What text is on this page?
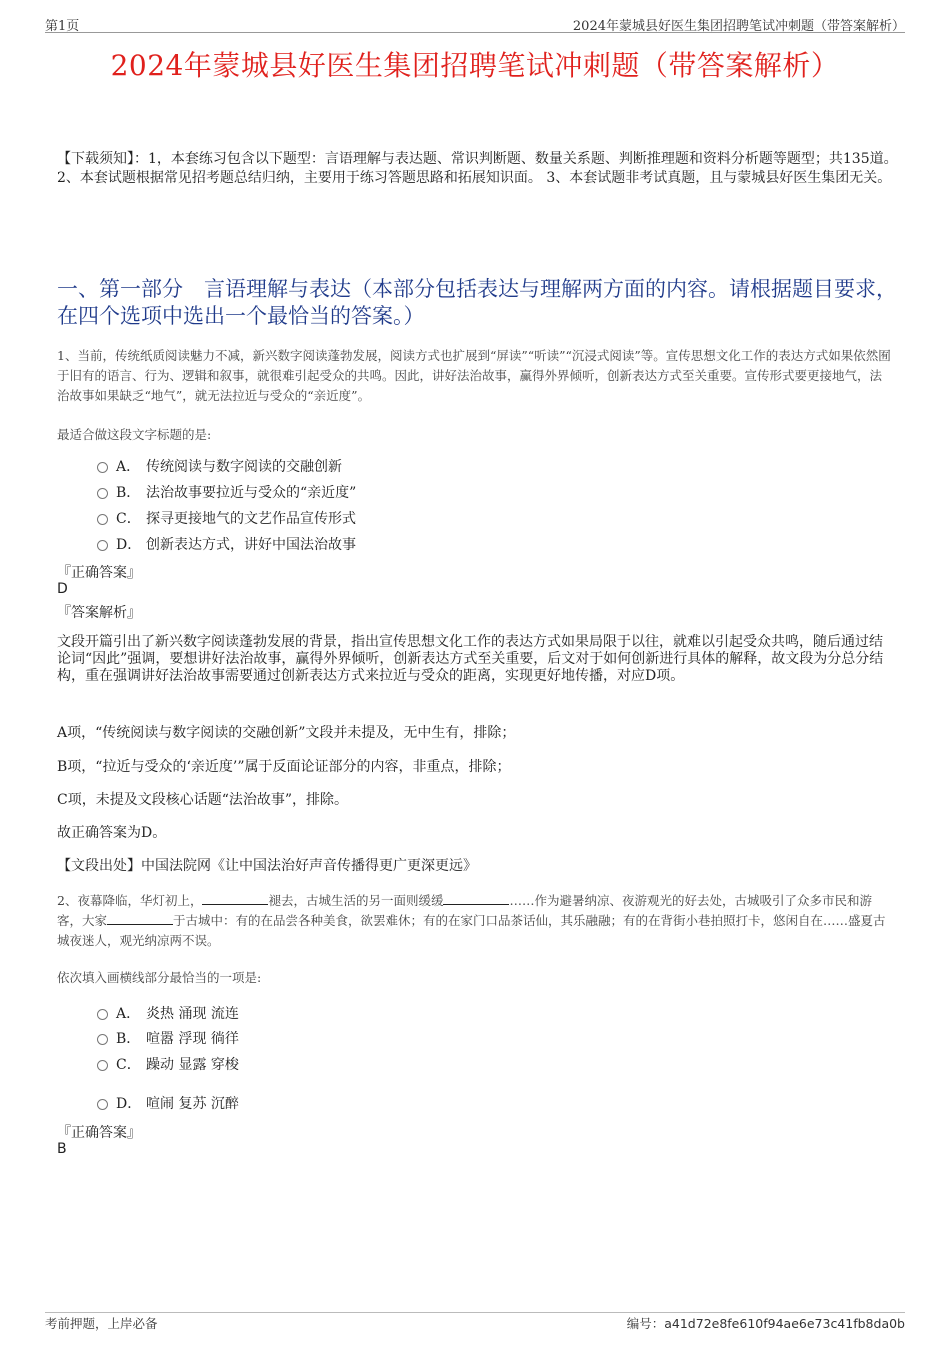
第1页	2024年蒙城县好医生集团招聘笔试冲刺题（带答案解析）
2024年蒙城县好医生集团招聘笔试冲刺题（带答案解析）
【下载须知】：1，本套练习包含以下题型：言语理解与表达题、常识判断题、数量关系题、判断推理题和资料分析题等题型；共135道。 2、本套试题根据常见招考题总结归纳，主要用于练习答题思路和拓展知识面。 3、本套试题非考试真题，且与蒙城县好医生集团无关。
一、第一部分　言语理解与表达（本部分包括表达与理解两方面的内容。请根据题目要求，在四个选项中选出一个最恰当的答案。）
1、当前，传统纸质阅读魅力不减，新兴数字阅读蓬勃发展，阅读方式也扩展到“屏读”“听读”“沉浸式阅读”等。宣传思想文化工作的表达方式如果依然囿于旧有的语言、行为、逻辑和叙事，就很难引起受众的共鸣。因此，讲好法治故事，赢得外界倾听，创新表达方式至关重要。宣传形式要更接地气，法治故事如果缺乏“地气”，就无法拉近与受众的“亲近度”。
最适合做这段文字标题的是:
A． 传统阅读与数字阅读的交融创新
B． 法治故事要拉近与受众的“亲近度”
C． 探寻更接地气的文艺作品宣传形式
D． 创新表达方式，讲好中国法治故事
『正确答案』
D
『答案解析』
文段开篇引出了新兴数字阅读蓬勃发展的背景，指出宣传思想文化工作的表达方式如果局限于以往，就难以引起受众共鸣，随后通过结论词“因此”强调，要想讲好法治故事，赢得外界倾听，创新表达方式至关重要，后文对于如何创新进行具体的解释，故文段为分总分结构，重在强调讲好法治故事需要通过创新表达方式来拉近与受众的距离，实现更好地传播，对应D项。
A项，“传统阅读与数字阅读的交融创新”文段并未提及，无中生有，排除；
B项，“拉近与受众的‘亲近度’”属于反面论证部分的内容，非重点，排除；
C项，未提及文段核心话题“法治故事”，排除。
故正确答案为D。
【文段出处】中国法院网《让中国法治好声音传播得更广更深更远》
2、夜幕降临，华灯初上，	褪去，古城生活的另一面则缓缓	……作为避暑纳凉、夜游观光的好去处，古城吸引了众多市民和游客，大家	于古城中：有的在品尝各种美食，欲罢难休；有的在家门口品茶话仙，其乐融融；有的在背街小巷拍照打卡，悠闲自在……盛夏古城夜迷人，观光纳凉两不误。
依次填入画横线部分最恰当的一项是:
A． 炎热 涌现 流连
B． 喧嚣 浮现 徜徉
C． 躁动 显露 穿梭
D． 喧闹 复苏 沉醉
『正确答案』
B
考前押题，上岸必备	编号：a41d72e8fe610f94ae6e73c41fb8da0b
